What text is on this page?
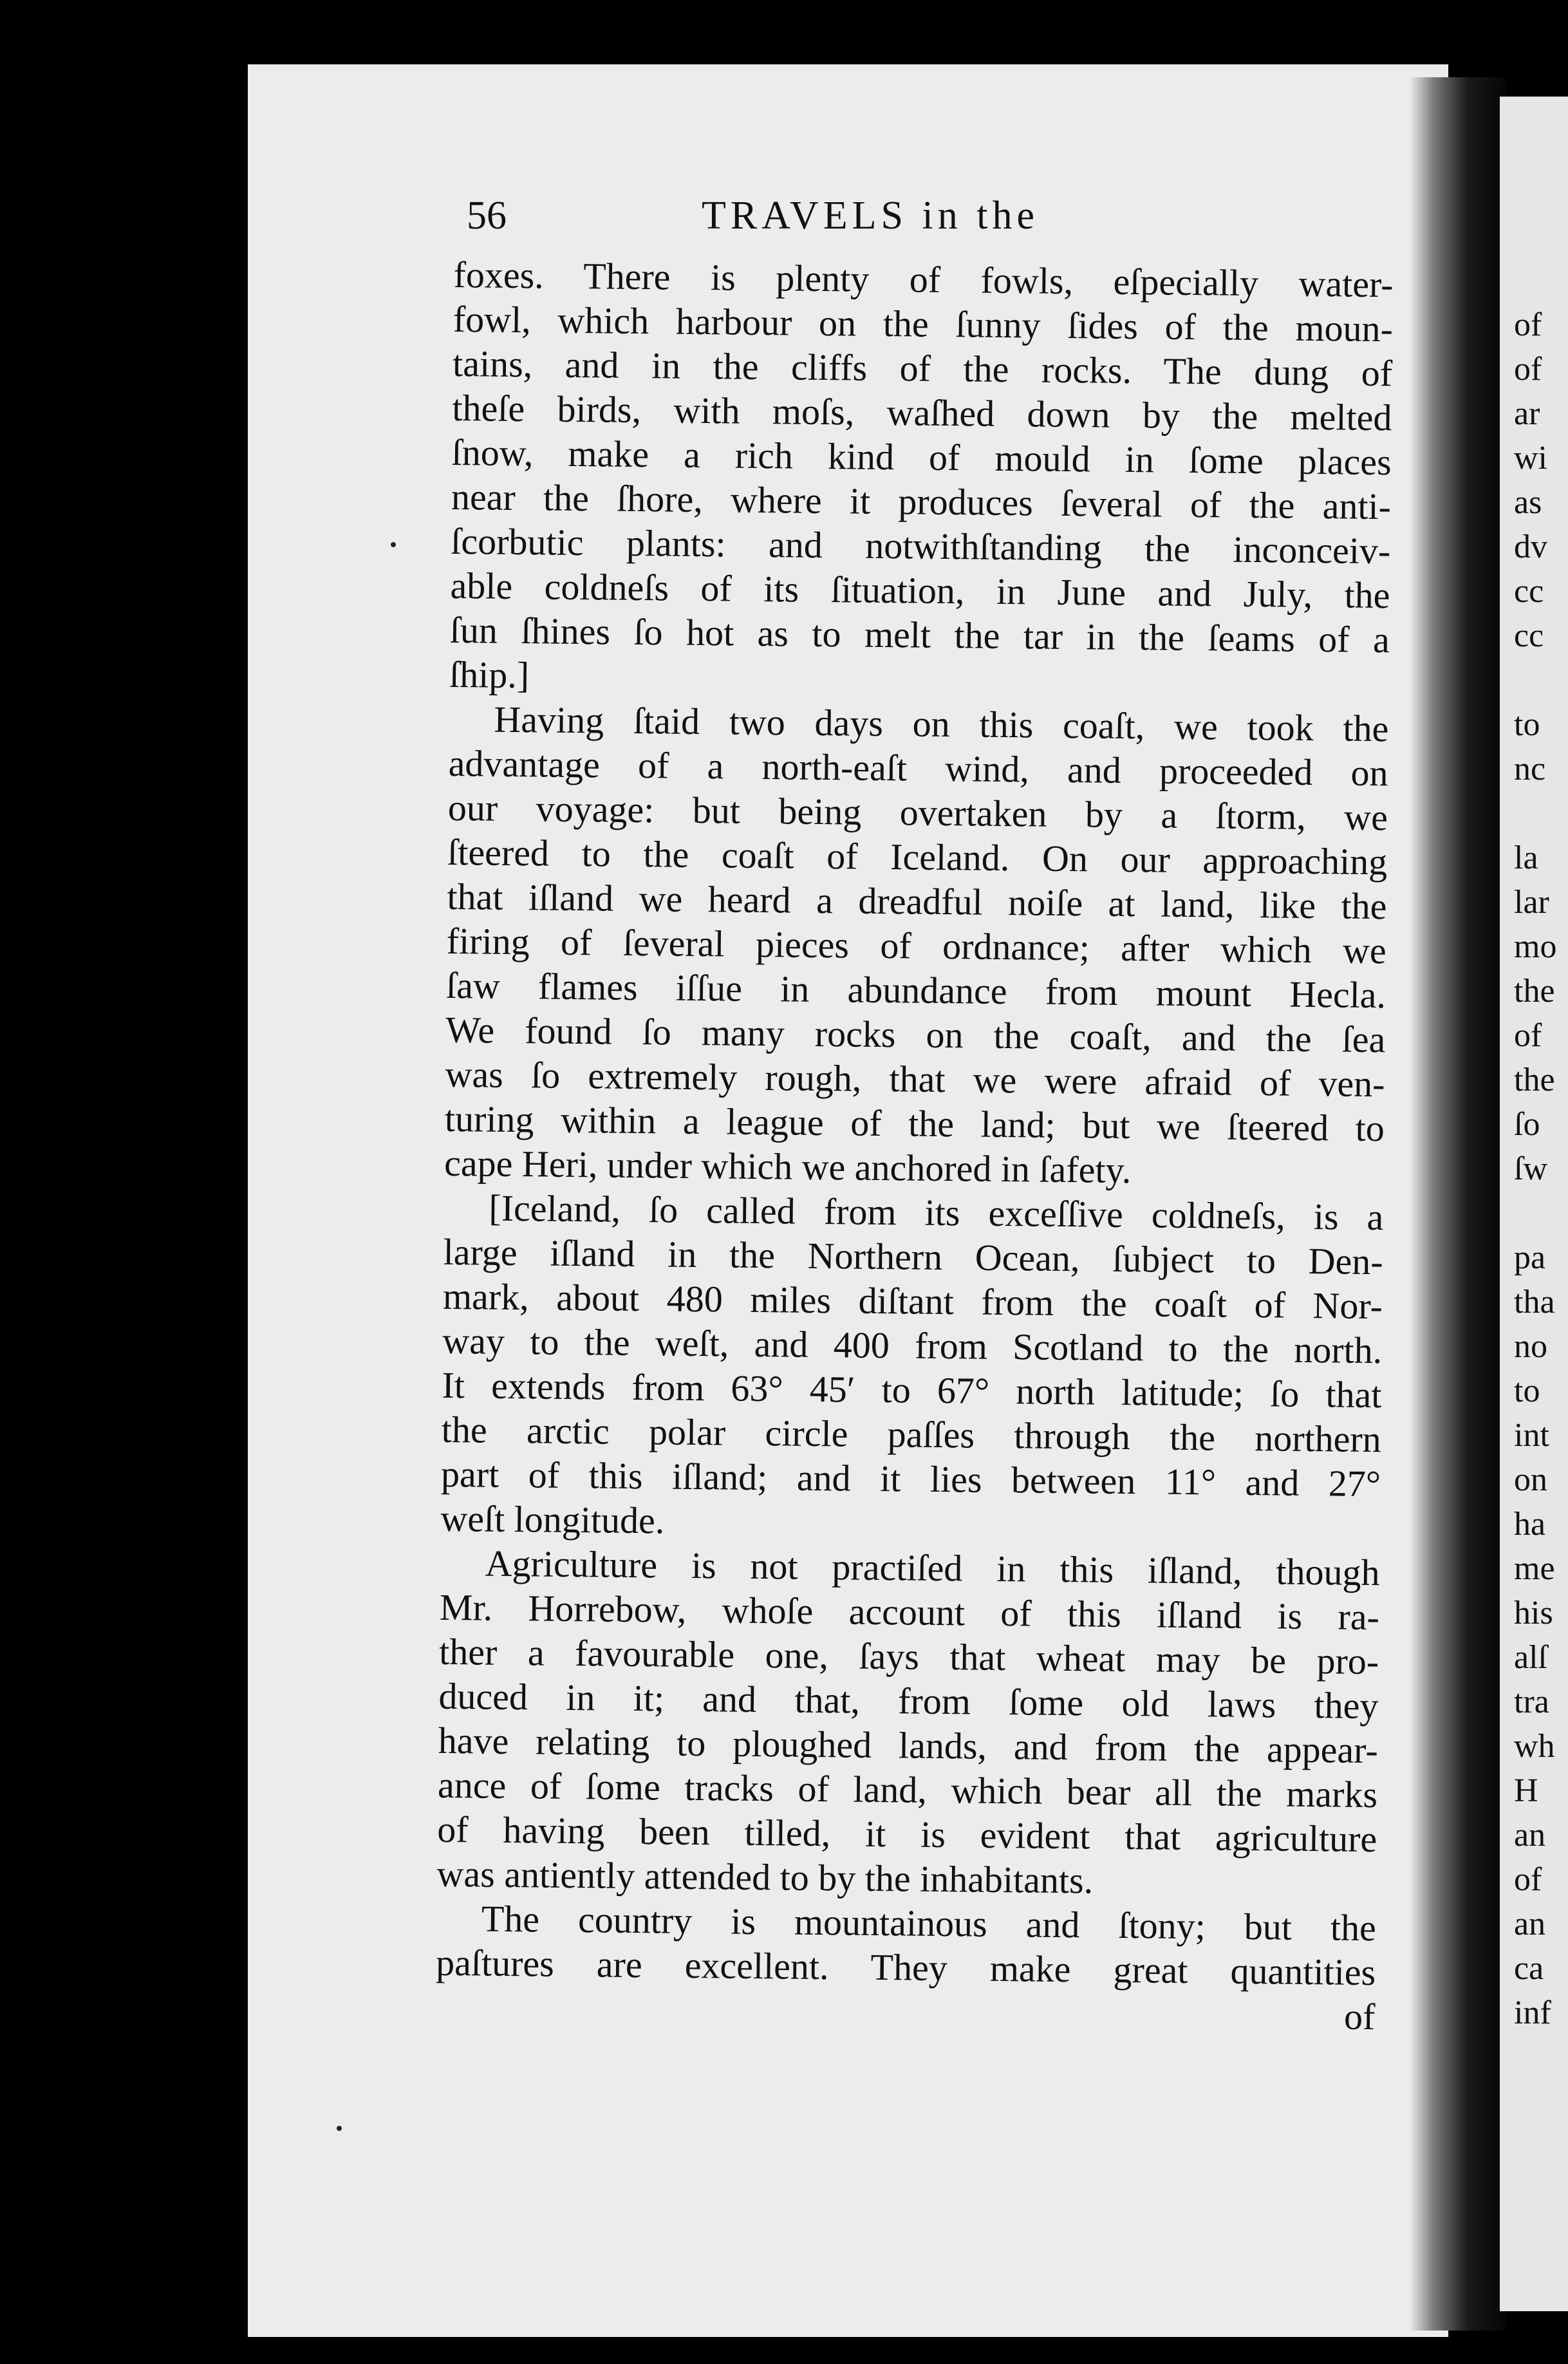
56	TRAVELS in the
foxes. There is plenty of fowls, eſpecially water-
fowl, which harbour on the ſunny ſides of the moun-
tains, and in the cliffs of the rocks. The dung of
theſe birds, with moſs, waſhed down by the melted
ſnow, make a rich kind of mould in ſome places
near the ſhore, where it produces ſeveral of the anti-
ſcorbutic plants: and notwithſtanding the inconceiv-
able coldneſs of its ſituation, in June and July, the
ſun ſhines ſo hot as to melt the tar in the ſeams of a
ſhip.]
Having ſtaid two days on this coaſt, we took the
advantage of a north-eaſt wind, and proceeded on
our voyage: but being overtaken by a ſtorm, we
ſteered to the coaſt of Iceland. On our approaching
that iſland we heard a dreadful noiſe at land, like the
firing of ſeveral pieces of ordnance; after which we
ſaw flames iſſue in abundance from mount Hecla.
We found ſo many rocks on the coaſt, and the ſea
was ſo extremely rough, that we were afraid of ven-
turing within a league of the land; but we ſteered to
cape Heri, under which we anchored in ſafety.
[Iceland, ſo called from its exceſſive coldneſs, is a
large iſland in the Northern Ocean, ſubject to Den-
mark, about 480 miles diſtant from the coaſt of Nor-
way to the weſt, and 400 from Scotland to the north.
It extends from 63° 45′ to 67° north latitude; ſo that
the arctic polar circle paſſes through the northern
part of this iſland; and it lies between 11° and 27°
weſt longitude.
Agriculture is not practiſed in this iſland, though
Mr. Horrebow, whoſe account of this iſland is ra-
ther a favourable one, ſays that wheat may be pro-
duced in it; and that, from ſome old laws they
have relating to ploughed lands, and from the appear-
ance of ſome tracks of land, which bear all the marks
of having been tilled, it is evident that agriculture
was antiently attended to by the inhabitants.
The country is mountainous and ſtony; but the
paſtures are excellent. They make great quantities
of
of
of
ar
wi
as
dv
cc
cc
to
nc
la
lar
mo
the
of
the
ſo
ſw
pa
tha
no
to
int
on
ha
me
his
alſ
tra
wh
H
an
of
an
ca
inf
